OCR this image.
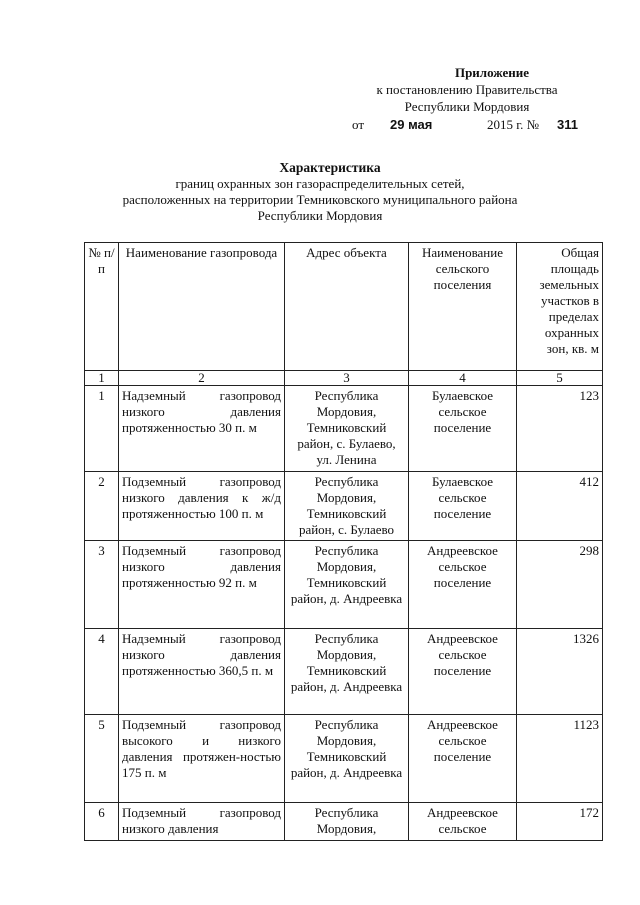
Приложение
к постановлению Правительства
Республики Мордовия
от 29 мая	2015 г. № 311
Характеристика
границ охранных зон газораспределительных сетей,
расположенных на территории Темниковского муниципального района
Республики Мордовия
№ п/п	Наименование газопровода	Адрес объекта	Наименование сельского поселения	Общая площадь земельных участков в пределах охранных зон, кв. м
1	2	3	4	5
1	Надземный газопровод низкого давления протяженностью 30 п. м	Республика Мордовия, Темниковский район, с. Булаево, ул. Ленина	Булаевское сельское поселение	123
2	Подземный газопровод низкого давления к ж/д протяженностью 100 п. м	Республика Мордовия, Темниковский район, с. Булаево	Булаевское сельское поселение	412
3	Подземный газопровод низкого давления протяженностью 92 п. м	Республика Мордовия, Темниковский район, д. Андреевка	Андреевское сельское поселение	298
4	Надземный газопровод низкого давления протяженностью 360,5 п. м	Республика Мордовия, Темниковский район, д. Андреевка	Андреевское сельское поселение	1326
5	Подземный газопровод высокого и низкого давления протяжен-ностью 175 п. м	Республика Мордовия, Темниковский район, д. Андреевка	Андреевское сельское поселение	1123
6	Подземный газопровод низкого давления	Республика Мордовия,	Андреевское сельское	172
